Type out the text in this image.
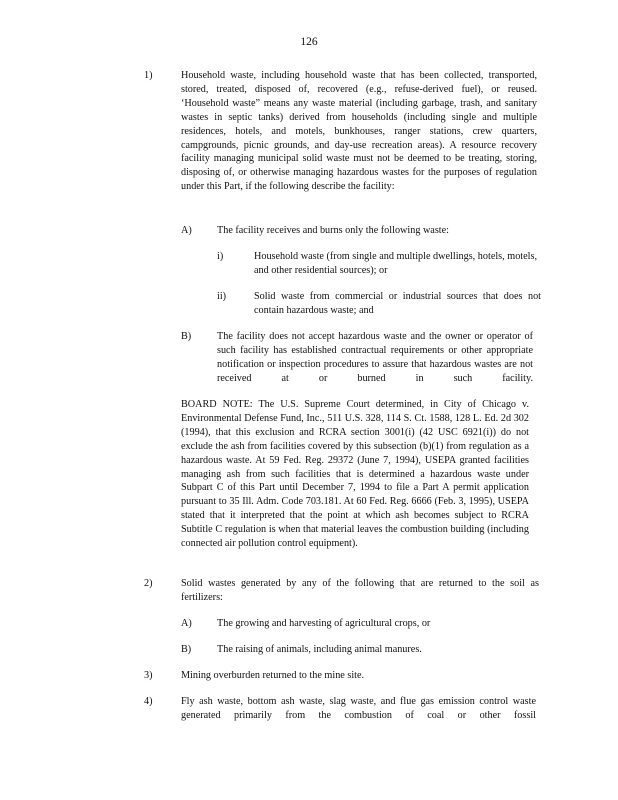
126
1)	Household waste, including household waste that has been collected, transported, stored, treated, disposed of, recovered (e.g., refuse-derived fuel), or reused. ‘Household waste” means any waste material (including garbage, trash, and sanitary wastes in septic tanks) derived from households (including single and multiple residences, hotels, and motels, bunkhouses, ranger stations, crew quarters, campgrounds, picnic grounds, and day-use recreation areas). A resource recovery facility managing municipal solid waste must not be deemed to be treating, storing, disposing of, or otherwise managing hazardous wastes for the purposes of regulation under this Part, if the following describe the facility:
A) The facility receives and burns only the following waste:
i)	Household waste (from single and multiple dwellings, hotels, motels, and other residential sources); or
ii)	Solid waste from commercial or industrial sources that does not contain hazardous waste; and
B)	The facility does not accept hazardous waste and the owner or operator of such facility has established contractual requirements or other appropriate notification or inspection procedures to assure that hazardous wastes are not received at or burned in such facility.
BOARD NOTE: The U.S. Supreme Court determined, in City of Chicago v. Environmental Defense Fund, Inc., 511 U.S. 328, 114 S. Ct. 1588, 128 L. Ed. 2d 302 (1994), that this exclusion and RCRA section 3001(i) (42 USC 6921(i)) do not exclude the ash from facilities covered by this subsection (b)(1) from regulation as a hazardous waste. At 59 Fed. Reg. 29372 (June 7, 1994), USEPA granted facilities managing ash from such facilities that is determined a hazardous waste under Subpart C of this Part until December 7, 1994 to file a Part A permit application pursuant to 35 Ill. Adm. Code 703.181. At 60 Fed. Reg. 6666 (Feb. 3, 1995), USEPA stated that it interpreted that the point at which ash becomes subject to RCRA Subtitle C regulation is when that material leaves the combustion building (including connected air pollution control equipment).
2)	Solid wastes generated by any of the following that are returned to the soil as fertilizers:
A) The growing and harvesting of agricultural crops, or
B)	The raising of animals, including animal manures.
3)	Mining overburden returned to the mine site.
4)	Fly ash waste, bottom ash waste, slag waste, and flue gas emission control waste generated primarily from the combustion of coal or other fossil
